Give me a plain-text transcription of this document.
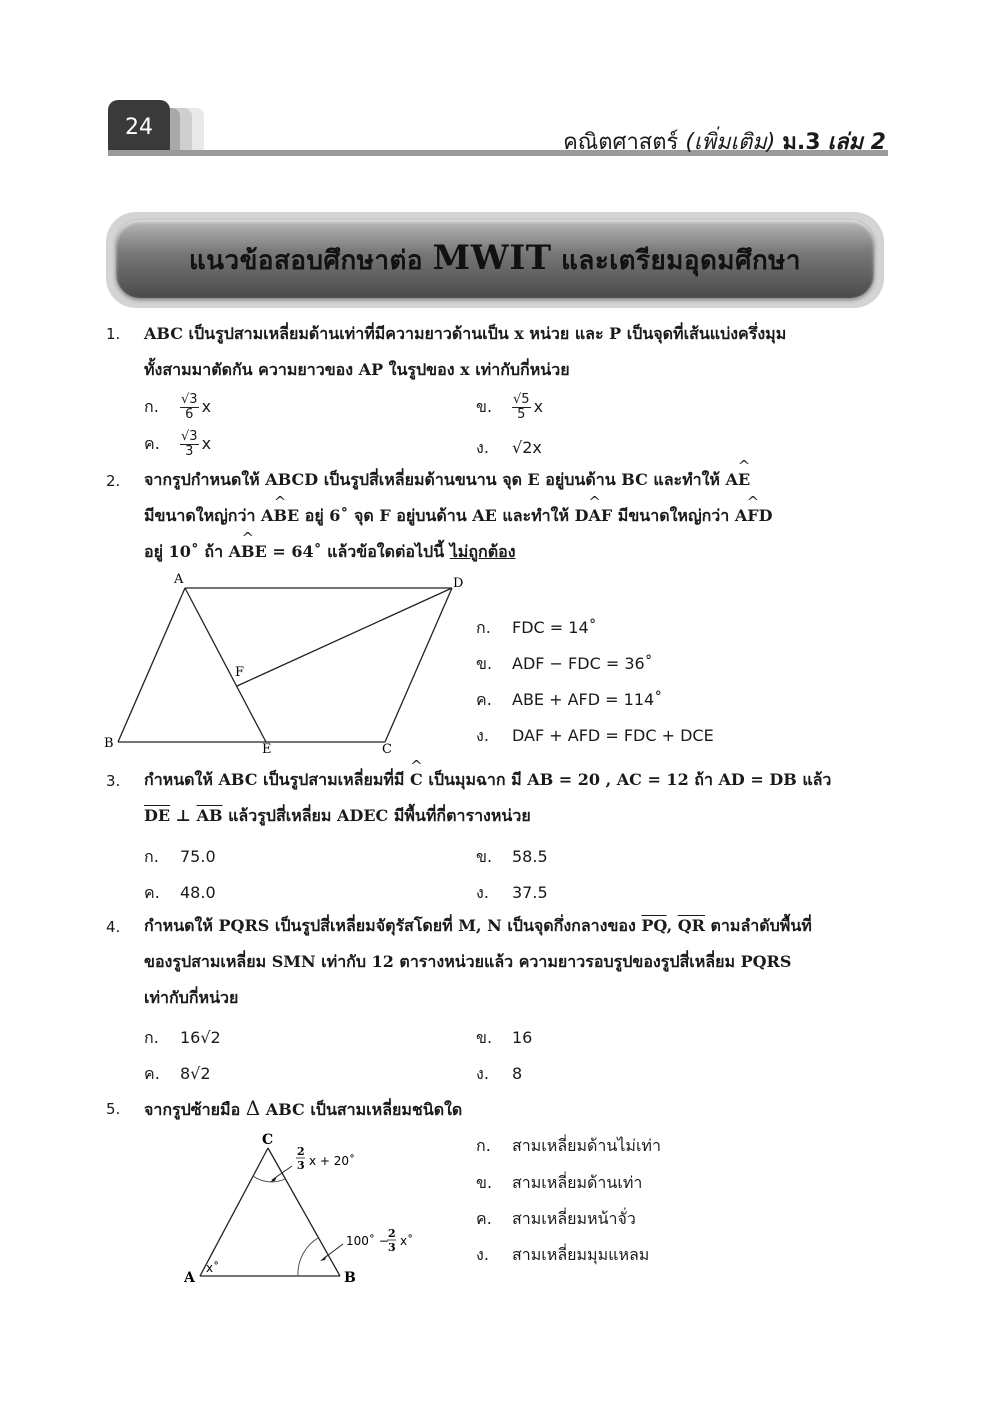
24
คณิตศาสตร์ (เพิ่มเติม) ม.3 เล่ม 2
แนวข้อสอบศึกษาต่อ MWIT และเตรียมอุดมศึกษา
1. ABC เป็นรูปสามเหลี่ยมด้านเท่าที่มีความยาวด้านเป็น x หน่วย และ P เป็นจุดที่เส้นแบ่งครึ่งมุม
ทั้งสามมาตัดกัน ความยาวของ AP ในรูปของ x เท่ากับกี่หน่วย
ก. $\frac{√3}{6}$ x	ข. $\frac{√5}{5}$ x
ค. $\frac{√3}{3}$ x	ง. √2x
2. จากรูปกำหนดให้ ABCD เป็นรูปสี่เหลี่ยมด้านขนาน จุด E อยู่บนด้าน BC และทำให้ A^ E
มีขนาดใหญ่กว่า A^ BE อยู่ 6˚ จุด F อยู่บนด้าน AE และทำให้ D^ AF มีขนาดใหญ่กว่า A^ FD
อยู่ 10˚ ถ้า A^ BE = 64˚ แล้วข้อใดต่อไปนี้ ไม่ถูกต้อง
A	D
B	E	C
F
ก. FDC = 14˚
ข. ADF − FDC = 36˚
ค. ABE + AFD = 114˚
ง. DAF + AFD = FDC + DCE
3. กำหนดให้ ABC เป็นรูปสามเหลี่ยมที่มี ^ C เป็นมุมฉาก มี AB = 20 , AC = 12 ถ้า AD = DB แล้ว
$\overline{DE}$ ⊥ $\overline{AB}$ แล้วรูปสี่เหลี่ยม ADEC มีพื้นที่กี่ตารางหน่วย
ก. 75.0	ข. 58.5
ค. 48.0	ง. 37.5
4. กำหนดให้ PQRS เป็นรูปสี่เหลี่ยมจัตุรัสโดยที่ M, N เป็นจุดกึ่งกลางของ $\overline{PQ}$, $\overline{QR}$ ตามลำดับพื้นที่
ของรูปสามเหลี่ยม SMN เท่ากับ 12 ตารางหน่วยแล้ว ความยาวรอบรูปของรูปสี่เหลี่ยม PQRS
เท่ากับกี่หน่วย
ก. 16√2	ข. 16
ค. 8√2	ง. 8
5. จากรูปซ้ายมือ Δ ABC เป็นสามเหลี่ยมชนิดใด
C
A	B
2
3 x + 20˚
100˚ −
2
3 x˚
x˚
ก. สามเหลี่ยมด้านไม่เท่า
ข. สามเหลี่ยมด้านเท่า
ค. สามเหลี่ยมหน้าจั่ว
ง. สามเหลี่ยมมุมแหลม
